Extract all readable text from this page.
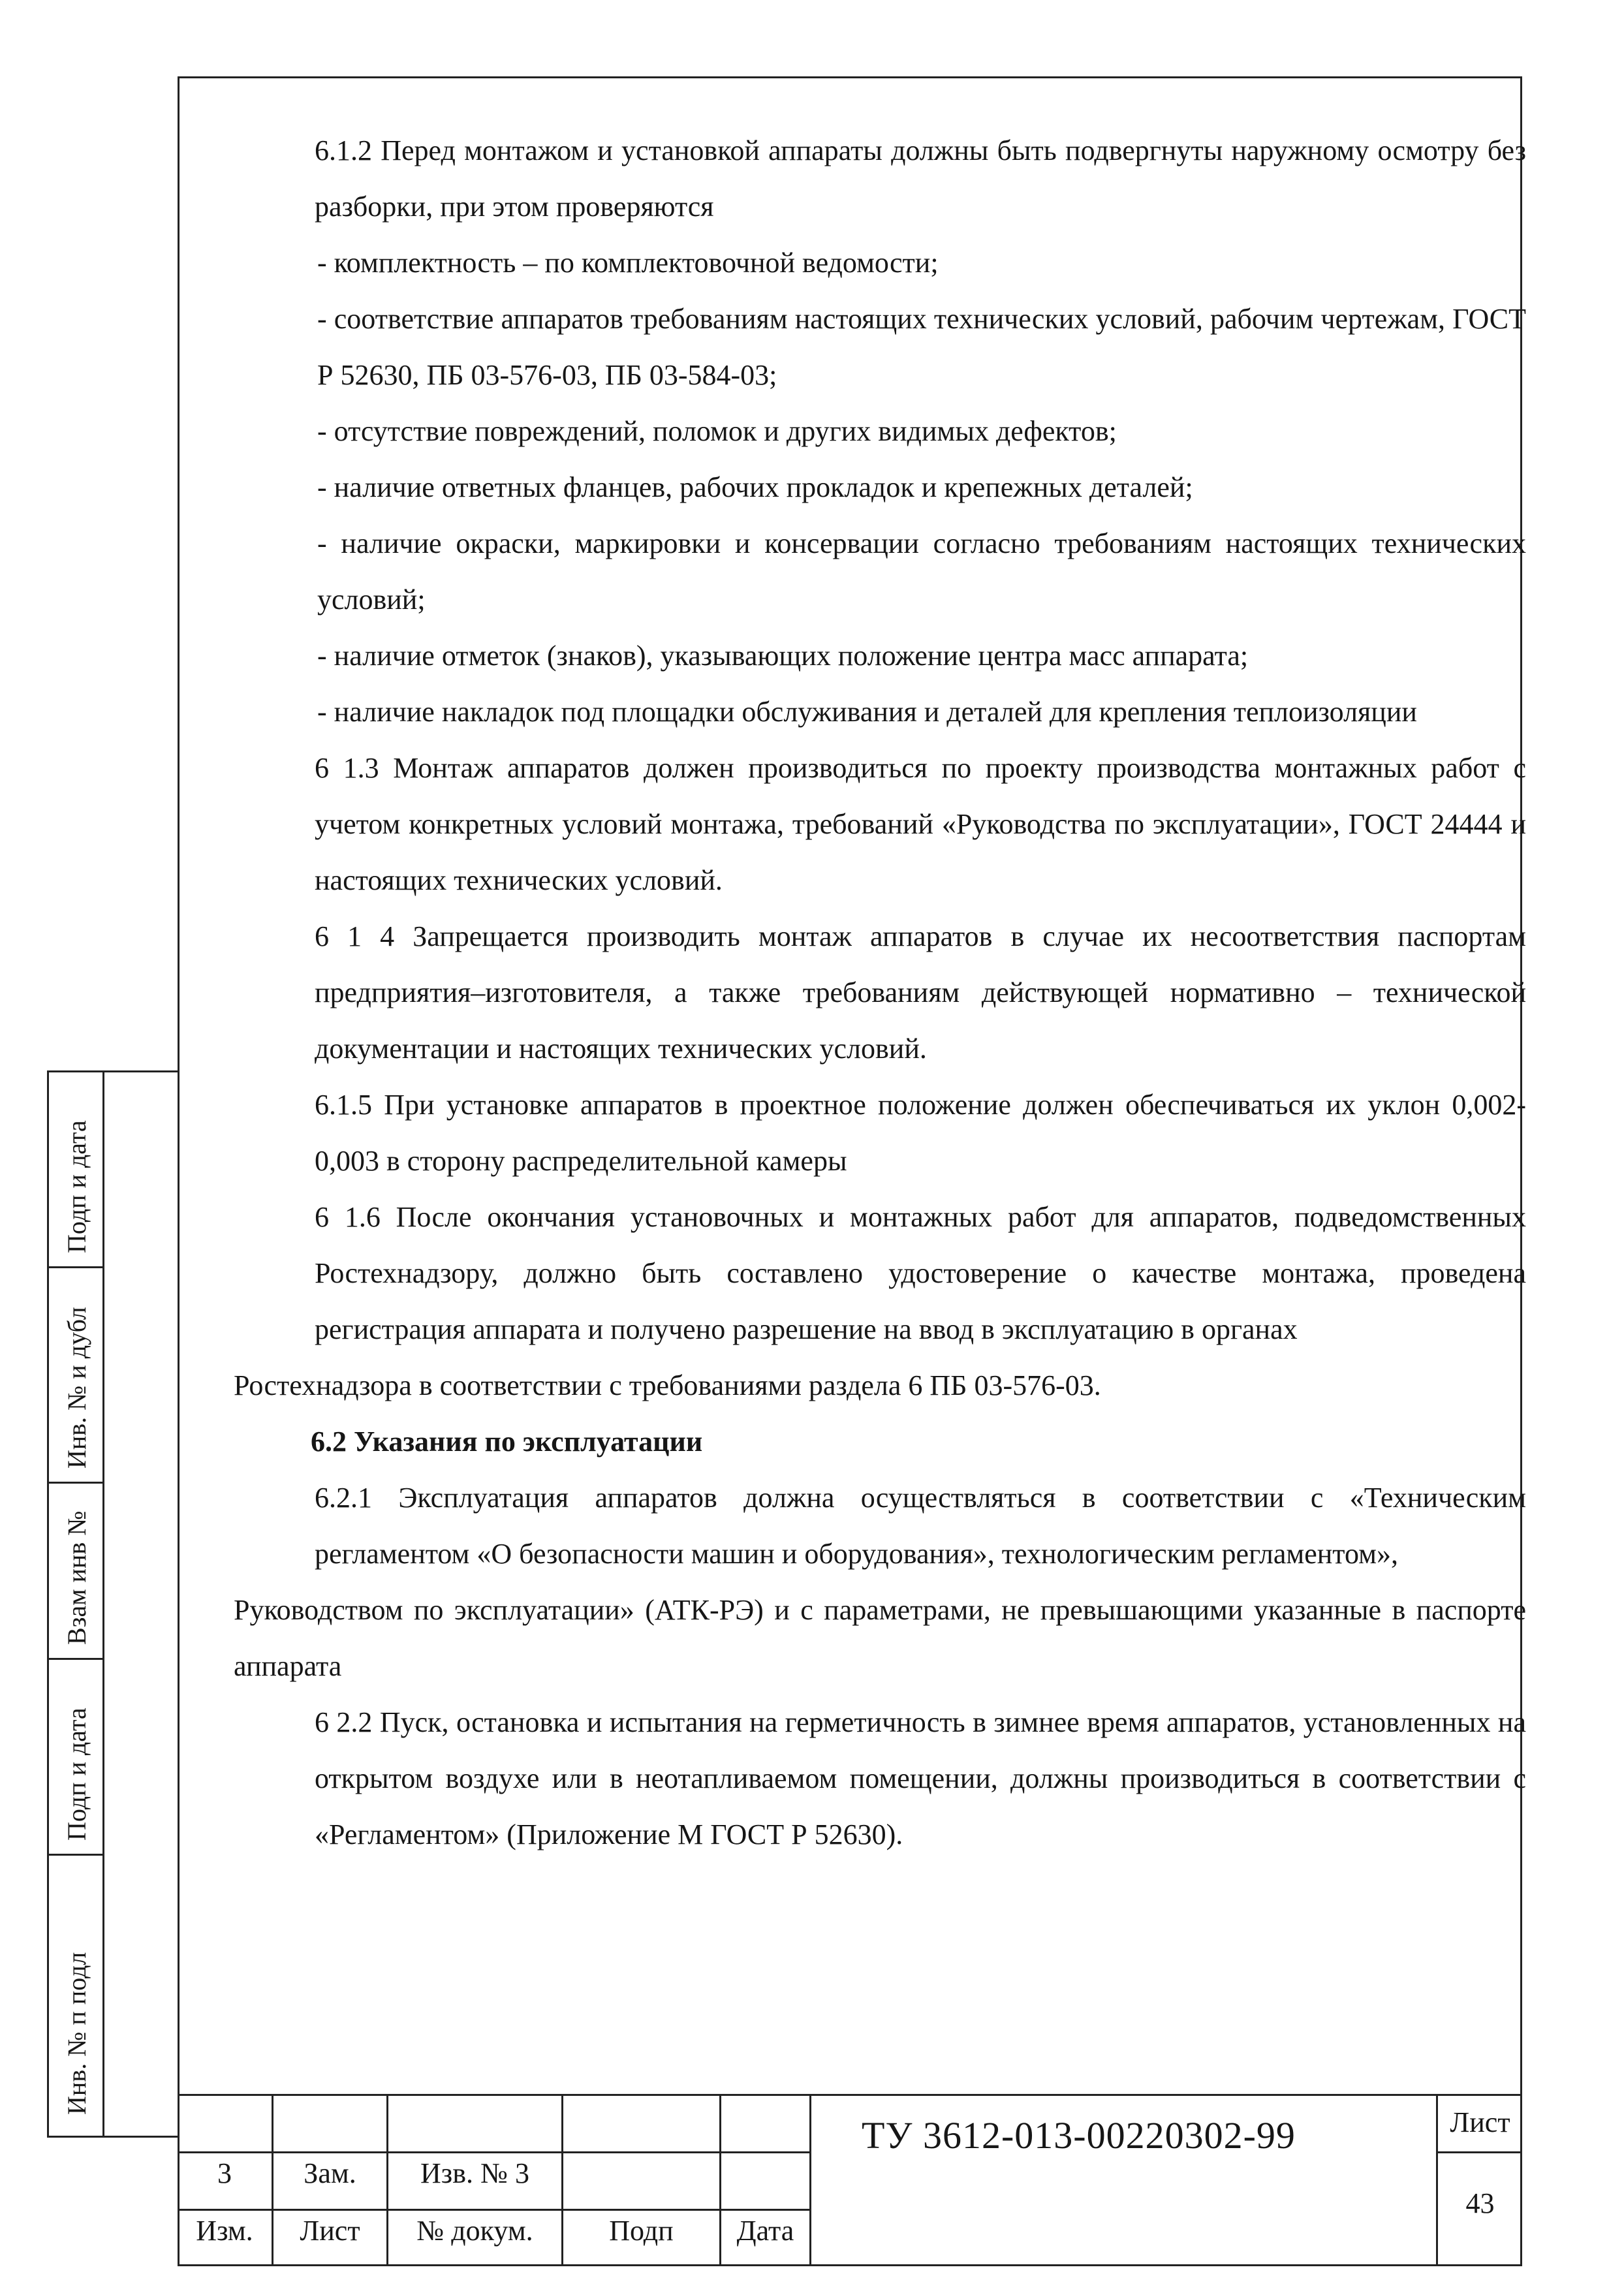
6.1.2 Перед монтажом и установкой аппараты должны быть подвергнуты наружному осмотру без разборки, при этом проверяются

- комплектность – по комплектовочной ведомости;

- соответствие аппаратов требованиям настоящих технических условий, рабочим чертежам, ГОСТ Р 52630, ПБ 03-576-03, ПБ 03-584-03;

- отсутствие повреждений, поломок и других видимых дефектов;

- наличие ответных фланцев, рабочих прокладок и крепежных деталей;

- наличие окраски, маркировки и консервации согласно требованиям настоящих технических условий;

- наличие отметок (знаков), указывающих положение центра масс аппарата;

- наличие накладок под площадки обслуживания и деталей для крепления теплоизоляции

6 1.3 Монтаж аппаратов должен производиться по проекту производства монтажных работ с учетом конкретных условий монтажа, требований «Руководства по эксплуатации», ГОСТ 24444 и настоящих технических условий.

6 1 4 Запрещается производить монтаж аппаратов в случае их несоответствия паспортам предприятия–изготовителя, а также требованиям действующей нормативно – технической документации и настоящих технических условий.

6.1.5 При установке аппаратов в проектное положение должен обеспечиваться их уклон 0,002-0,003 в сторону распределительной камеры

6 1.6 После окончания установочных и монтажных работ для аппаратов, подведомственных Ростехнадзору, должно быть составлено удостоверение о качестве монтажа, проведена регистрация аппарата и получено разрешение на ввод в эксплуатацию в органах

Ростехнадзора в соответствии с требованиями раздела 6 ПБ 03-576-03.

6.2 Указания по эксплуатации

6.2.1 Эксплуатация аппаратов должна осуществляться в соответствии с «Техническим регламентом «О безопасности машин и оборудования», технологическим регламентом»,

Руководством по эксплуатации» (АТК-РЭ) и с параметрами, не превышающими указанные в паспорте аппарата

6 2.2 Пуск, остановка и испытания на герметичность в зимнее время аппаратов, установленных на открытом воздухе или в неотапливаемом помещении, должны производиться в соответствии с «Регламентом» (Приложение М ГОСТ Р 52630).

Подп и дата
Инв. № и дубл
Взам инв №
Подп и дата
Инв. № п подл
3	Зам.	Изв. № 3
Изм.	Лист	№ докум.	Подп	Дата
Лист
43
ТУ 3612-013-00220302-99
